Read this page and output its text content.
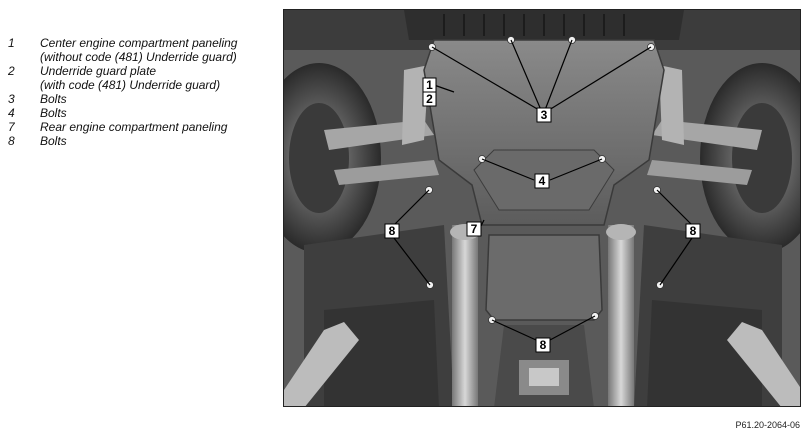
1	Center engine compartment paneling
(without code (481) Underride guard)
2	Underride guard plate
(with code (481) Underride guard)
3	Bolts
4	Bolts
7	Rear engine compartment paneling
8	Bolts
1
2
3
4
7
8	8
8
P61.20-2064-06
